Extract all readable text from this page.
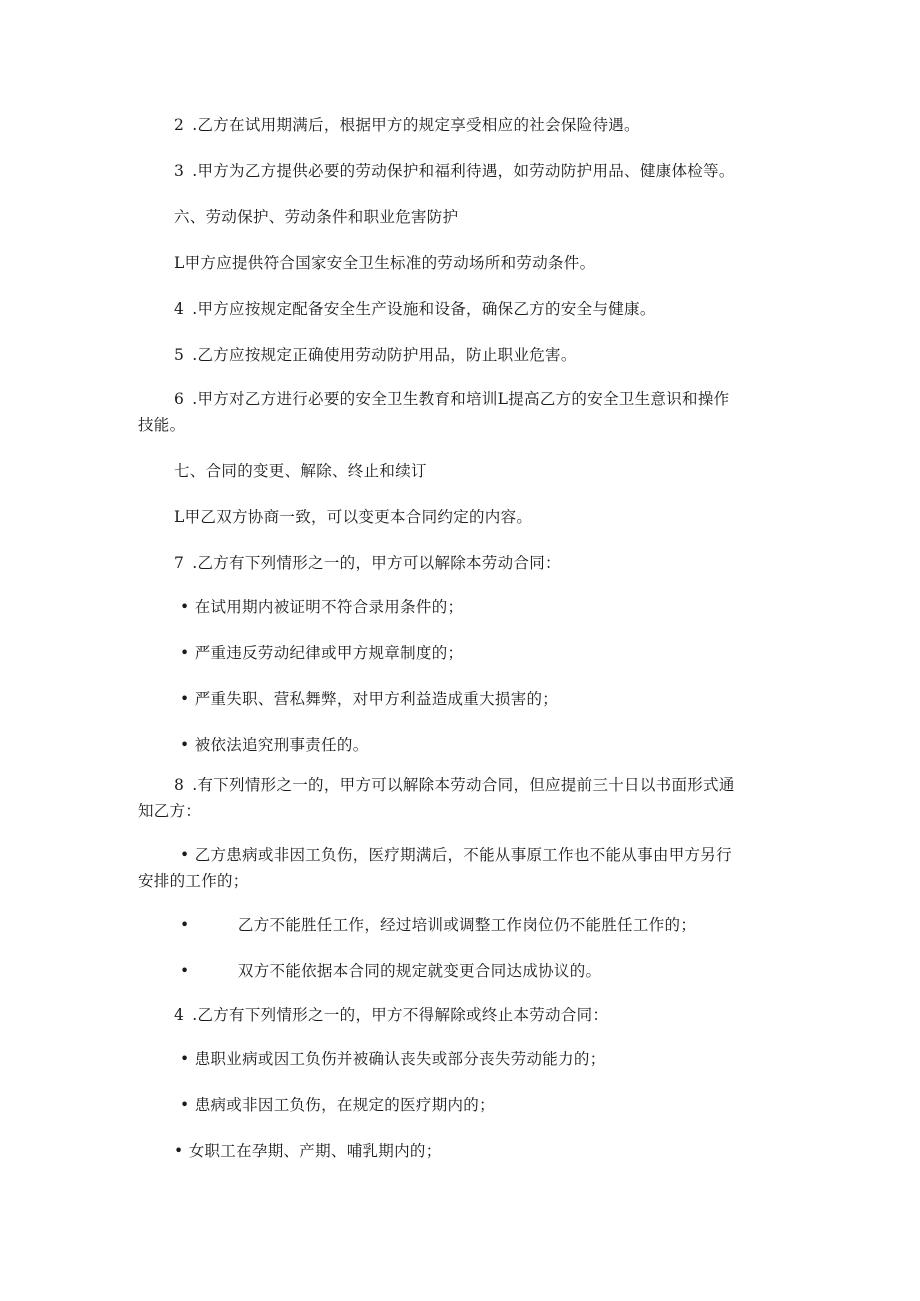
2 .乙方在试用期满后，根据甲方的规定享受相应的社会保险待遇。
3 .甲方为乙方提供必要的劳动保护和福利待遇，如劳动防护用品、健康体检等。
六、劳动保护、劳动条件和职业危害防护
L甲方应提供符合国家安全卫生标准的劳动场所和劳动条件。
4 .甲方应按规定配备安全生产设施和设备，确保乙方的安全与健康。
5 .乙方应按规定正确使用劳动防护用品，防止职业危害。
6 .甲方对乙方进行必要的安全卫生教育和培训L提高乙方的安全卫生意识和操作
技能。
七、合同的变更、解除、终止和续订
L甲乙双方协商一致，可以变更本合同约定的内容。
7 .乙方有下列情形之一的，甲方可以解除本劳动合同：
• 在试用期内被证明不符合录用条件的；
• 严重违反劳动纪律或甲方规章制度的；
• 严重失职、营私舞弊，对甲方利益造成重大损害的；
• 被依法追究刑事责任的。
8 .有下列情形之一的，甲方可以解除本劳动合同，但应提前三十日以书面形式通
知乙方：
• 乙方患病或非因工负伤，医疗期满后，不能从事原工作也不能从事由甲方另行
安排的工作的；
•	乙方不能胜任工作，经过培训或调整工作岗位仍不能胜任工作的；
•	双方不能依据本合同的规定就变更合同达成协议的。
4 .乙方有下列情形之一的，甲方不得解除或终止本劳动合同：
• 患职业病或因工负伤并被确认丧失或部分丧失劳动能力的；
• 患病或非因工负伤，在规定的医疗期内的；
• 女职工在孕期、产期、哺乳期内的；
